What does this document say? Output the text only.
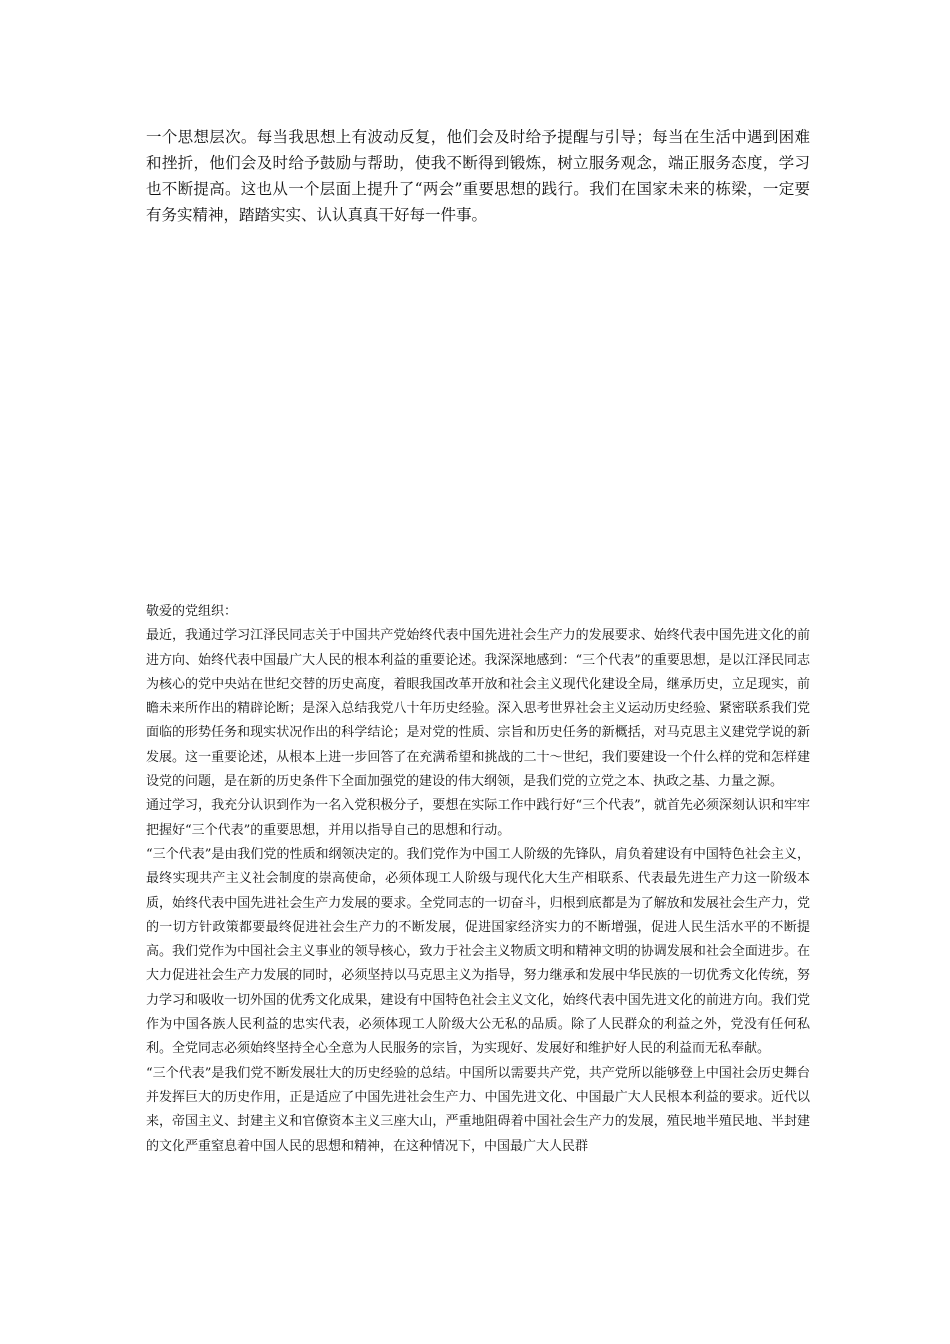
一个思想层次。每当我思想上有波动反复，他们会及时给予提醒与引导；每当在生活中遇到困难和挫折，他们会及时给予鼓励与帮助，使我不断得到锻炼，树立服务观念，端正服务态度，学习也不断提高。这也从一个层面上提升了“两会”重要思想的践行。我们在国家未来的栋梁，一定要有务实精神，踏踏实实、认认真真干好每一件事。

敬爱的党组织：

最近，我通过学习江泽民同志关于中国共产党始终代表中国先进社会生产力的发展要求、始终代表中国先进文化的前进方向、始终代表中国最广大人民的根本利益的重要论述。我深深地感到：“三个代表”的重要思想，是以江泽民同志为核心的党中央站在世纪交替的历史高度，着眼我国改革开放和社会主义现代化建设全局，继承历史，立足现实，前瞻未来所作出的精辟论断；是深入总结我党八十年历史经验。深入思考世界社会主义运动历史经验、紧密联系我们党面临的形势任务和现实状况作出的科学结论；是对党的性质、宗旨和历史任务的新概括，对马克思主义建党学说的新发展。这一重要论述，从根本上进一步回答了在充满希望和挑战的二十～世纪，我们要建设一个什么样的党和怎样建设党的问题，是在新的历史条件下全面加强党的建设的伟大纲领，是我们党的立党之本、执政之基、力量之源。

通过学习，我充分认识到作为一名入党积极分子，要想在实际工作中践行好“三个代表”，就首先必须深刻认识和牢牢把握好“三个代表”的重要思想，并用以指导自己的思想和行动。

“三个代表”是由我们党的性质和纲领决定的。我们党作为中国工人阶级的先锋队，肩负着建设有中国特色社会主义，最终实现共产主义社会制度的崇高使命，必须体现工人阶级与现代化大生产相联系、代表最先进生产力这一阶级本质，始终代表中国先进社会生产力发展的要求。全党同志的一切奋斗，归根到底都是为了解放和发展社会生产力，党的一切方针政策都要最终促进社会生产力的不断发展，促进国家经济实力的不断增强，促进人民生活水平的不断提高。我们党作为中国社会主义事业的领导核心，致力于社会主义物质文明和精神文明的协调发展和社会全面进步。在大力促进社会生产力发展的同时，必须坚持以马克思主义为指导，努力继承和发展中华民族的一切优秀文化传统，努力学习和吸收一切外国的优秀文化成果，建设有中国特色社会主义文化，始终代表中国先进文化的前进方向。我们党作为中国各族人民利益的忠实代表，必须体现工人阶级大公无私的品质。除了人民群众的利益之外，党没有任何私利。全党同志必须始终坚持全心全意为人民服务的宗旨，为实现好、发展好和维护好人民的利益而无私奉献。

“三个代表”是我们党不断发展壮大的历史经验的总结。中国所以需要共产党，共产党所以能够登上中国社会历史舞台并发挥巨大的历史作用，正是适应了中国先进社会生产力、中国先进文化、中国最广大人民根本利益的要求。近代以来，帝国主义、封建主义和官僚资本主义三座大山，严重地阻碍着中国社会生产力的发展，殖民地半殖民地、半封建的文化严重窒息着中国人民的思想和精神，在这种情况下，中国最广大人民群
